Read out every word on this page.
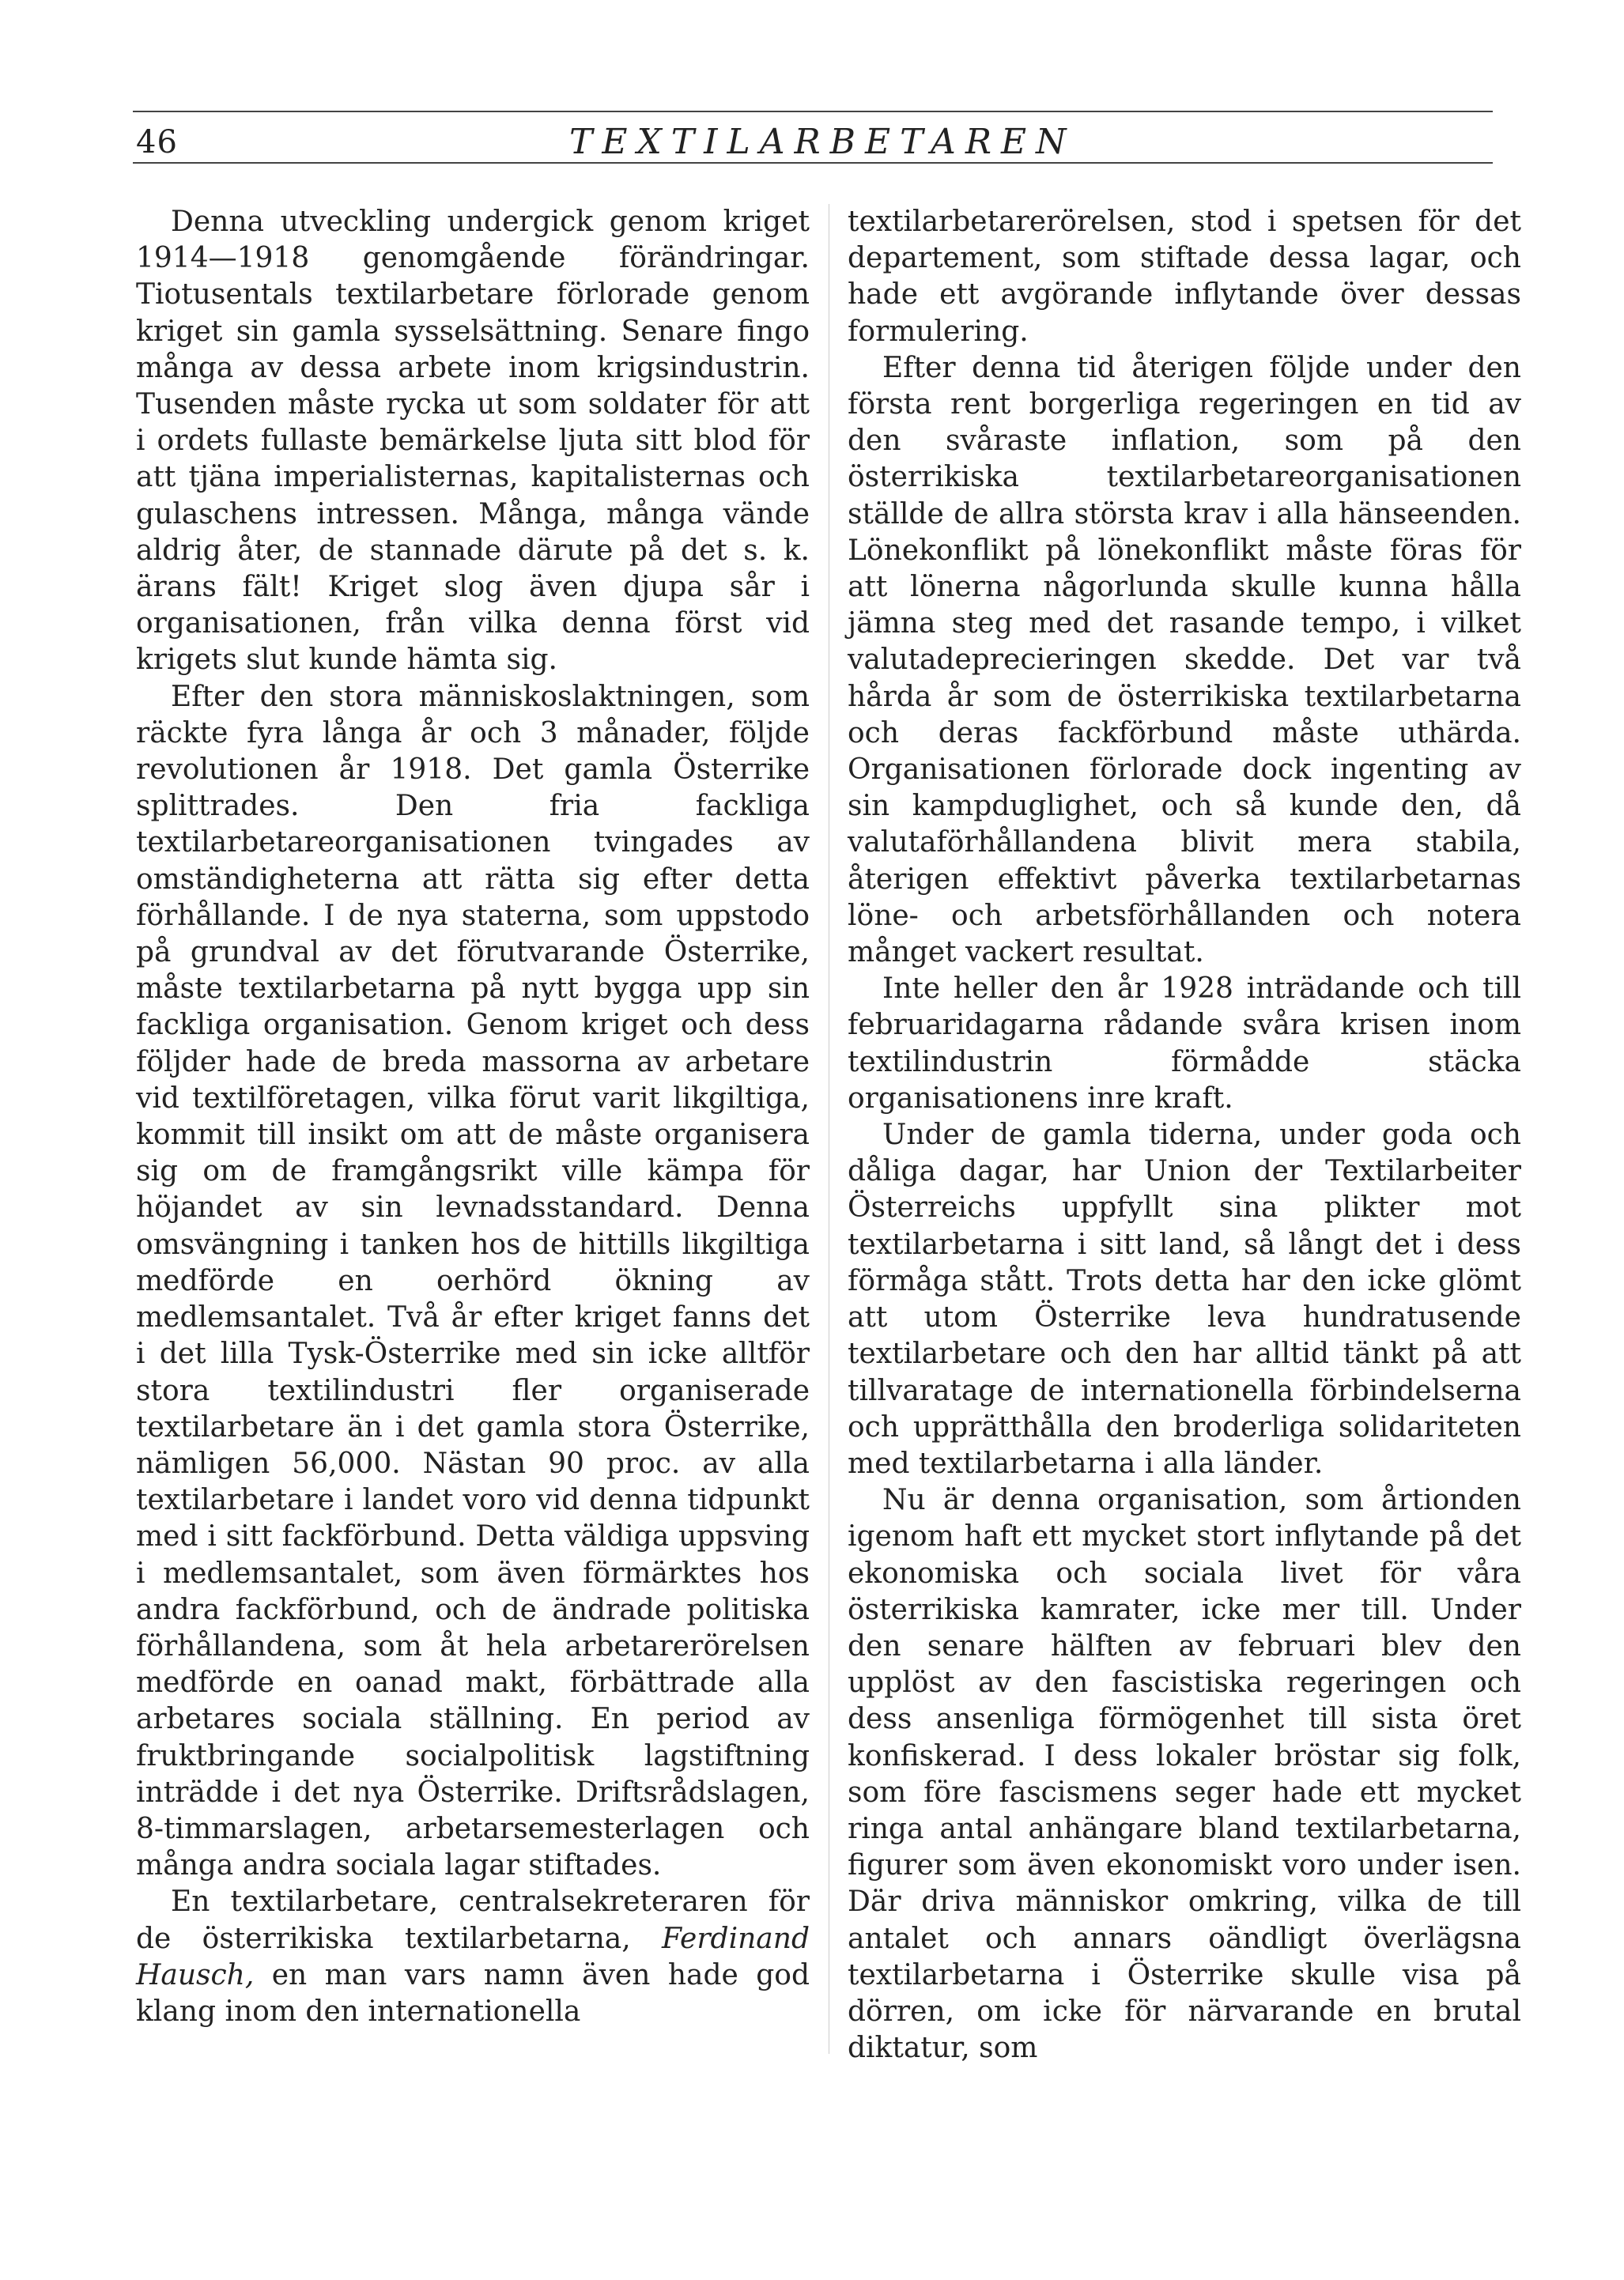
46	TEXTILARBETAREN

Denna utveckling undergick genom kriget 1914—1918 genomgående förändringar. Tiotusentals textilarbetare förlorade genom kriget sin gamla sysselsättning. Senare fingo många av dessa arbete inom krigsindustrin. Tusenden måste rycka ut som soldater för att i ordets fullaste bemärkelse ljuta sitt blod för att tjäna imperialisternas, kapitalisternas och gulaschens intressen. Många, många vände aldrig åter, de stannade därute på det s. k. ärans fält! Kriget slog även djupa sår i organisationen, från vilka denna först vid krigets slut kunde hämta sig.

Efter den stora människoslaktningen, som räckte fyra långa år och 3 månader, följde revolutionen år 1918. Det gamla Österrike splittrades. Den fria fackliga textilarbetareorganisationen tvingades av omständigheterna att rätta sig efter detta förhållande. I de nya staterna, som uppstodo på grundval av det förutvarande Österrike, måste textilarbetarna på nytt bygga upp sin fackliga organisation. Genom kriget och dess följder hade de breda massorna av arbetare vid textilföretagen, vilka förut varit likgiltiga, kommit till insikt om att de måste organisera sig om de framgångsrikt ville kämpa för höjandet av sin levnadsstandard. Denna omsvängning i tanken hos de hittills likgiltiga medförde en oerhörd ökning av medlemsantalet. Två år efter kriget fanns det i det lilla Tysk-Österrike med sin icke alltför stora textilindustri fler organiserade textilarbetare än i det gamla stora Österrike, nämligen 56,000. Nästan 90 proc. av alla textilarbetare i landet voro vid denna tidpunkt med i sitt fackförbund. Detta väldiga uppsving i medlemsantalet, som även förmärktes hos andra fackförbund, och de ändrade politiska förhållandena, som åt hela arbetarerörelsen medförde en oanad makt, förbättrade alla arbetares sociala ställning. En period av fruktbringande socialpolitisk lagstiftning inträdde i det nya Österrike. Driftsrådslagen, 8-timmarslagen, arbetarsemesterlagen och många andra sociala lagar stiftades.

En textilarbetare, centralsekreteraren för de österrikiska textilarbetarna, Ferdinand Hausch, en man vars namn även hade god klang inom den internationella

textilarbetarerörelsen, stod i spetsen för det departement, som stiftade dessa lagar, och hade ett avgörande inflytande över dessas formulering.

Efter denna tid återigen följde under den första rent borgerliga regeringen en tid av den svåraste inflation, som på den österrikiska textilarbetareorganisationen ställde de allra största krav i alla hänseenden. Lönekonflikt på lönekonflikt måste föras för att lönerna någorlunda skulle kunna hålla jämna steg med det rasande tempo, i vilket valutadeprecieringen skedde. Det var två hårda år som de österrikiska textilarbetarna och deras fackförbund måste uthärda. Organisationen förlorade dock ingenting av sin kampduglighet, och så kunde den, då valutaförhållandena blivit mera stabila, återigen effektivt påverka textilarbetarnas löne- och arbetsförhållanden och notera månget vackert resultat.

Inte heller den år 1928 inträdande och till februaridagarna rådande svåra krisen inom textilindustrin förmådde stäcka organisationens inre kraft.

Under de gamla tiderna, under goda och dåliga dagar, har Union der Textilarbeiter Österreichs uppfyllt sina plikter mot textilarbetarna i sitt land, så långt det i dess förmåga stått. Trots detta har den icke glömt att utom Österrike leva hundratusende textilarbetare och den har alltid tänkt på att tillvaratage de internationella förbindelserna och upprätthålla den broderliga solidariteten med textilarbetarna i alla länder.

Nu är denna organisation, som årtionden igenom haft ett mycket stort inflytande på det ekonomiska och sociala livet för våra österrikiska kamrater, icke mer till. Under den senare hälften av februari blev den upplöst av den fascistiska regeringen och dess ansenliga förmögenhet till sista öret konfiskerad. I dess lokaler bröstar sig folk, som före fascismens seger hade ett mycket ringa antal anhängare bland textilarbetarna, figurer som även ekonomiskt voro under isen. Där driva människor omkring, vilka de till antalet och annars oändligt överlägsna textilarbetarna i Österrike skulle visa på dörren, om icke för närvarande en brutal diktatur, som
